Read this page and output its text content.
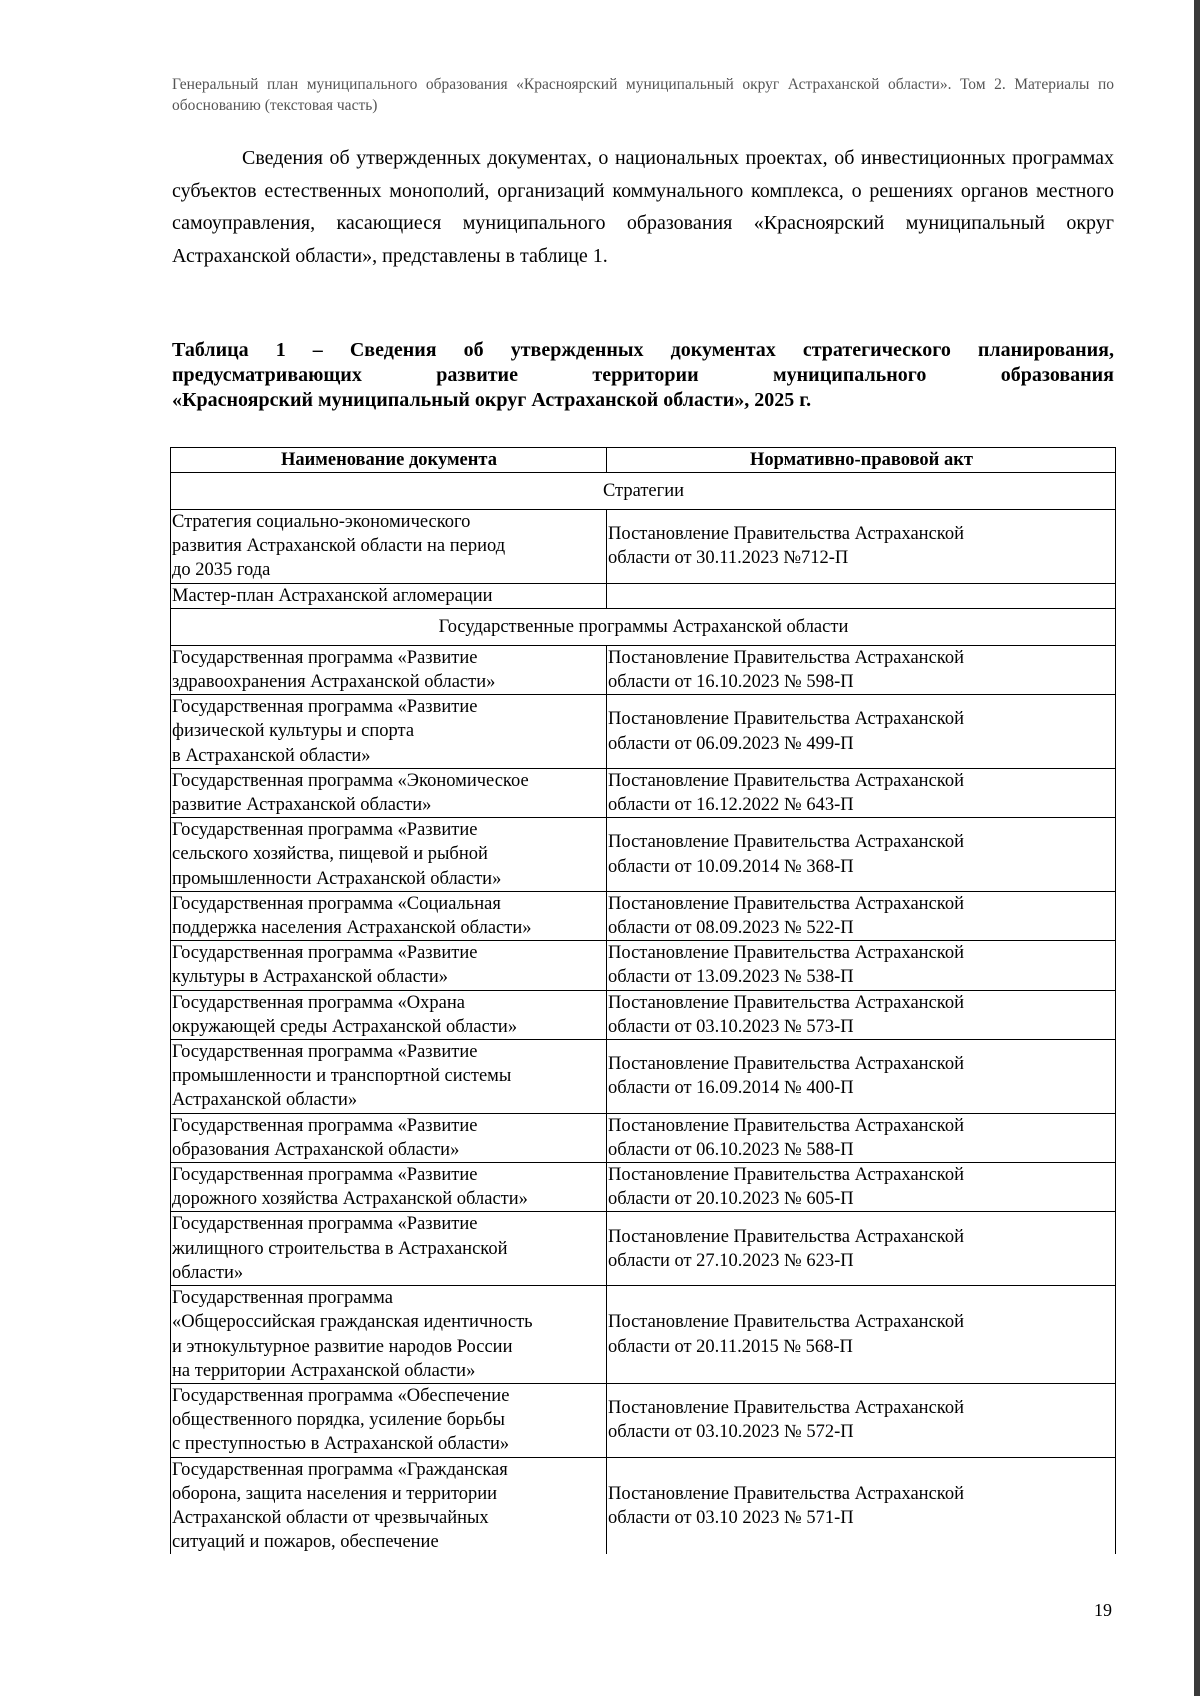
Генеральный план муниципального образования «Красноярский муниципальный округ Астраханской области». Том 2. Материалы по обоснованию (текстовая часть)

Сведения об утвержденных документах, о национальных проектах, об инвестиционных программах субъектов естественных монополий, организаций коммунального комплекса, о решениях органов местного самоуправления, касающиеся муниципального образования «Красноярский муниципальный округ Астраханской области», представлены в таблице 1.

Таблица 1 – Сведения об утвержденных документах стратегического планирования,
предусматривающих развитие территории муниципального образования
«Красноярский муниципальный округ Астраханской области», 2025 г.
Наименование документа	Нормативно-правовой акт
Стратегии	
Стратегия социально-экономического
развития Астраханской области на период
до 2035 года	Постановление Правительства Астраханской
области от 30.11.2023 №712-П
Мастер-план Астраханской агломерации	
Государственные программы Астраханской области	
Государственная программа «Развитие
здравоохранения Астраханской области»	Постановление Правительства Астраханской
области от 16.10.2023 № 598-П
Государственная программа «Развитие
физической культуры и спорта
в Астраханской области»	Постановление Правительства Астраханской
области от 06.09.2023 № 499-П
Государственная программа «Экономическое
развитие Астраханской области»	Постановление Правительства Астраханской
области от 16.12.2022 № 643-П
Государственная программа «Развитие
сельского хозяйства, пищевой и рыбной
промышленности Астраханской области»	Постановление Правительства Астраханской
области от 10.09.2014 № 368-П
Государственная программа «Социальная
поддержка населения Астраханской области»	Постановление Правительства Астраханской
области от 08.09.2023 № 522-П
Государственная программа «Развитие
культуры в Астраханской области»	Постановление Правительства Астраханской
области от 13.09.2023 № 538-П
Государственная программа «Охрана
окружающей среды Астраханской области»	Постановление Правительства Астраханской
области от 03.10.2023 № 573-П
Государственная программа «Развитие
промышленности и транспортной системы
Астраханской области»	Постановление Правительства Астраханской
области от 16.09.2014 № 400-П
Государственная программа «Развитие
образования Астраханской области»	Постановление Правительства Астраханской
области от 06.10.2023 № 588-П
Государственная программа «Развитие
дорожного хозяйства Астраханской области»	Постановление Правительства Астраханской
области от 20.10.2023 № 605-П
Государственная программа «Развитие
жилищного строительства в Астраханской
области»	Постановление Правительства Астраханской
области от 27.10.2023 № 623-П
Государственная программа
«Общероссийская гражданская идентичность
и этнокультурное развитие народов России
на территории Астраханской области»	Постановление Правительства Астраханской
области от 20.11.2015 № 568-П
Государственная программа «Обеспечение
общественного порядка, усиление борьбы
с преступностью в Астраханской области»	Постановление Правительства Астраханской
области от 03.10.2023 № 572-П
Государственная программа «Гражданская
оборона, защита населения и территории
Астраханской области от чрезвычайных
ситуаций и пожаров, обеспечение	Постановление Правительства Астраханской
области от 03.10 2023 № 571-П
19
